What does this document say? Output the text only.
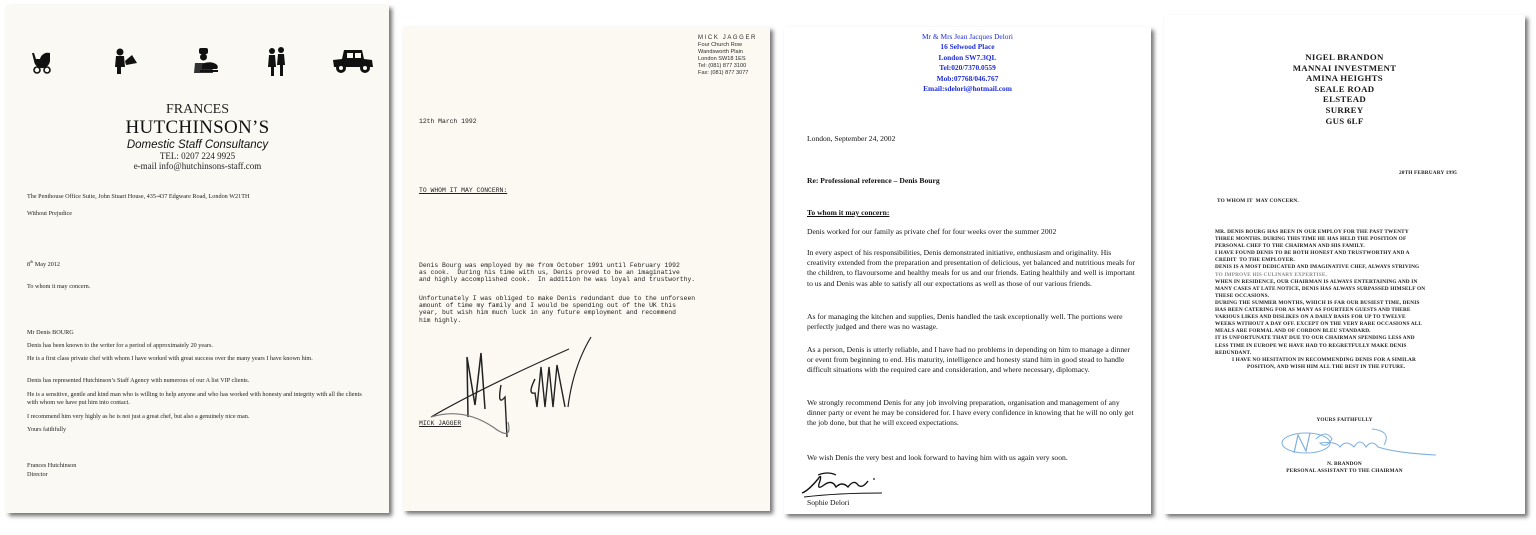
FRANCES
HUTCHINSON’S
Domestic Staff Consultancy
TEL: 0207 224 9925
e-mail info@hutchinsons-staff.com
The Penthouse Office Suite, John Stuart House, 435-437 Edgware Road, London W21TH
Without Prejudice
8th May 2012
To whom it may concern.
Mr Denis BOURG
Denis has been known to the writer for a period of approximately 20 years.
He is a first class private chef with whom I have worked with great success over the many years I have known him.
Denis has represented Hutchinson’s Staff Agency with numerous of our A list VIP clients.
He is a sensitive, gentle and kind man who is willing to help anyone and who has worked with honesty and integrity with all the clients with whom we have put him into contact.
I recommend him very highly as he is not just a great chef, but also a genuinely nice man.
Yours faithfully
Frances Hutchinson
Director
MICK JAGGER
Four Church Row
Wandsworth Plain
London SW18 1ES
Tel: (081) 877 3100
Fax: (081) 877 3077
12th March 1992
TO WHOM IT MAY CONCERN:
Denis Bourg was employed by me from October 1991 until February 1992
as cook.  During his time with us, Denis proved to be an imaginative
and highly accomplished cook.  In addition he was loyal and trustworthy.
Unfortunately I was obliged to make Denis redundant due to the unforseen
amount of time my family and I would be spending out of the UK this
year, but wish him much luck in any future employment and recommend
him highly.
MICK JAGGER
Mr & Mrs Jean Jacques Delori
16 Selwood Place
London SW7.3QL
Tel:020/7370.0559
Mob:07768/046.767
Email:sdelori@hotmail.com
London, September 24, 2002
Re: Professional reference – Denis Bourg
To whom it may concern:
Denis worked for our family as private chef for four weeks over the summer 2002
In every aspect of his responsibilities, Denis demonstrated initiative, enthusiasm and originality. His creativity extended from the preparation and presentation of delicious, yet balanced and nutritious meals for the children, to flavoursome and healthy meals for us and our friends. Eating healthily and well is important to us and Denis was able to satisfy all our expectations as well as those of our various friends.
As for managing the kitchen and supplies, Denis handled the task exceptionally well. The portions were perfectly judged and there was no wastage.
As a person, Denis is utterly reliable, and I have had no problems in depending on him to manage a dinner or event from beginning to end. His maturity, intelligence and honesty stand him in good stead to handle difficult situations with the required care and consideration, and where necessary, diplomacy.
We strongly recommend Denis for any job involving preparation, organisation and management of any dinner party or event he may be considered for. I have every confidence in knowing that he will no only get the job done, but that he will exceed expectations.
We wish Denis the very best and look forward to having him with us again very soon.
Sophie Delori
NIGEL BRANDON
MANNAI INVESTMENT
AMINA HEIGHTS
SEALE ROAD
ELSTEAD
SURREY
GUS 6LF
20TH FEBRUARY 1995
TO WHOM IT  MAY CONCERN.
MR. DENIS BOURG HAS BEEN IN OUR EMPLOY FOR THE PAST TWENTY
THREE MONTHS. DURING THIS TIME HE HAS HELD THE POSITION OF
PERSONAL CHEF TO THE CHAIRMAN AND HIS FAMILY.
I HAVE FOUND DENIS TO BE BOTH HONEST AND TRUSTWORTHY AND A
CREDIT  TO THE EMPLOYER.
DENIS IS A MOST DEDICATED AND IMAGINATIVE CHEF, ALWAYS STRIVING
TO IMPROVE HIS CULINARY EXPERTISE.
WHEN IN RESIDENCE, OUR CHAIRMAN IS ALWAYS ENTERTAINING AND IN
MANY CASES AT LATE NOTICE, DENIS HAS ALWAYS SURPASSED HIMSELF ON
THESE OCCASIONS.
DURING THE SUMMER MONTHS, WHICH IS FAR OUR BUSIEST TIME, DENIS
HAS BEEN CATERING FOR AS MANY AS FOURTEEN GUESTS AND THERE
VARIOUS LIKES AND DISLIKES ON A DAILY BASIS FOR UP TO TWELVE
WEEKS WITHOUT A DAY OFF. EXCEPT ON THE VERY RARE OCCASIONS ALL
MEALS ARE FORMAL AND OF CORDON BLEU STANDARD.
IT IS UNFORTUNATE THAT DUE TO OUR CHAIRMAN SPENDING LESS AND
LESS TIME IN EUROPE WE HAVE HAD TO REGRETFULLY MAKE DENIS
REDUNDANT.
I HAVE NO HESITATION IN RECOMMENDING DENIS FOR A SIMILAR
POSITION, AND WISH HIM ALL THE BEST IN THE FUTURE.
YOURS FAITHFULLY
N. BRANDON
PERSONAL ASSISTANT TO THE CHAIRMAN
